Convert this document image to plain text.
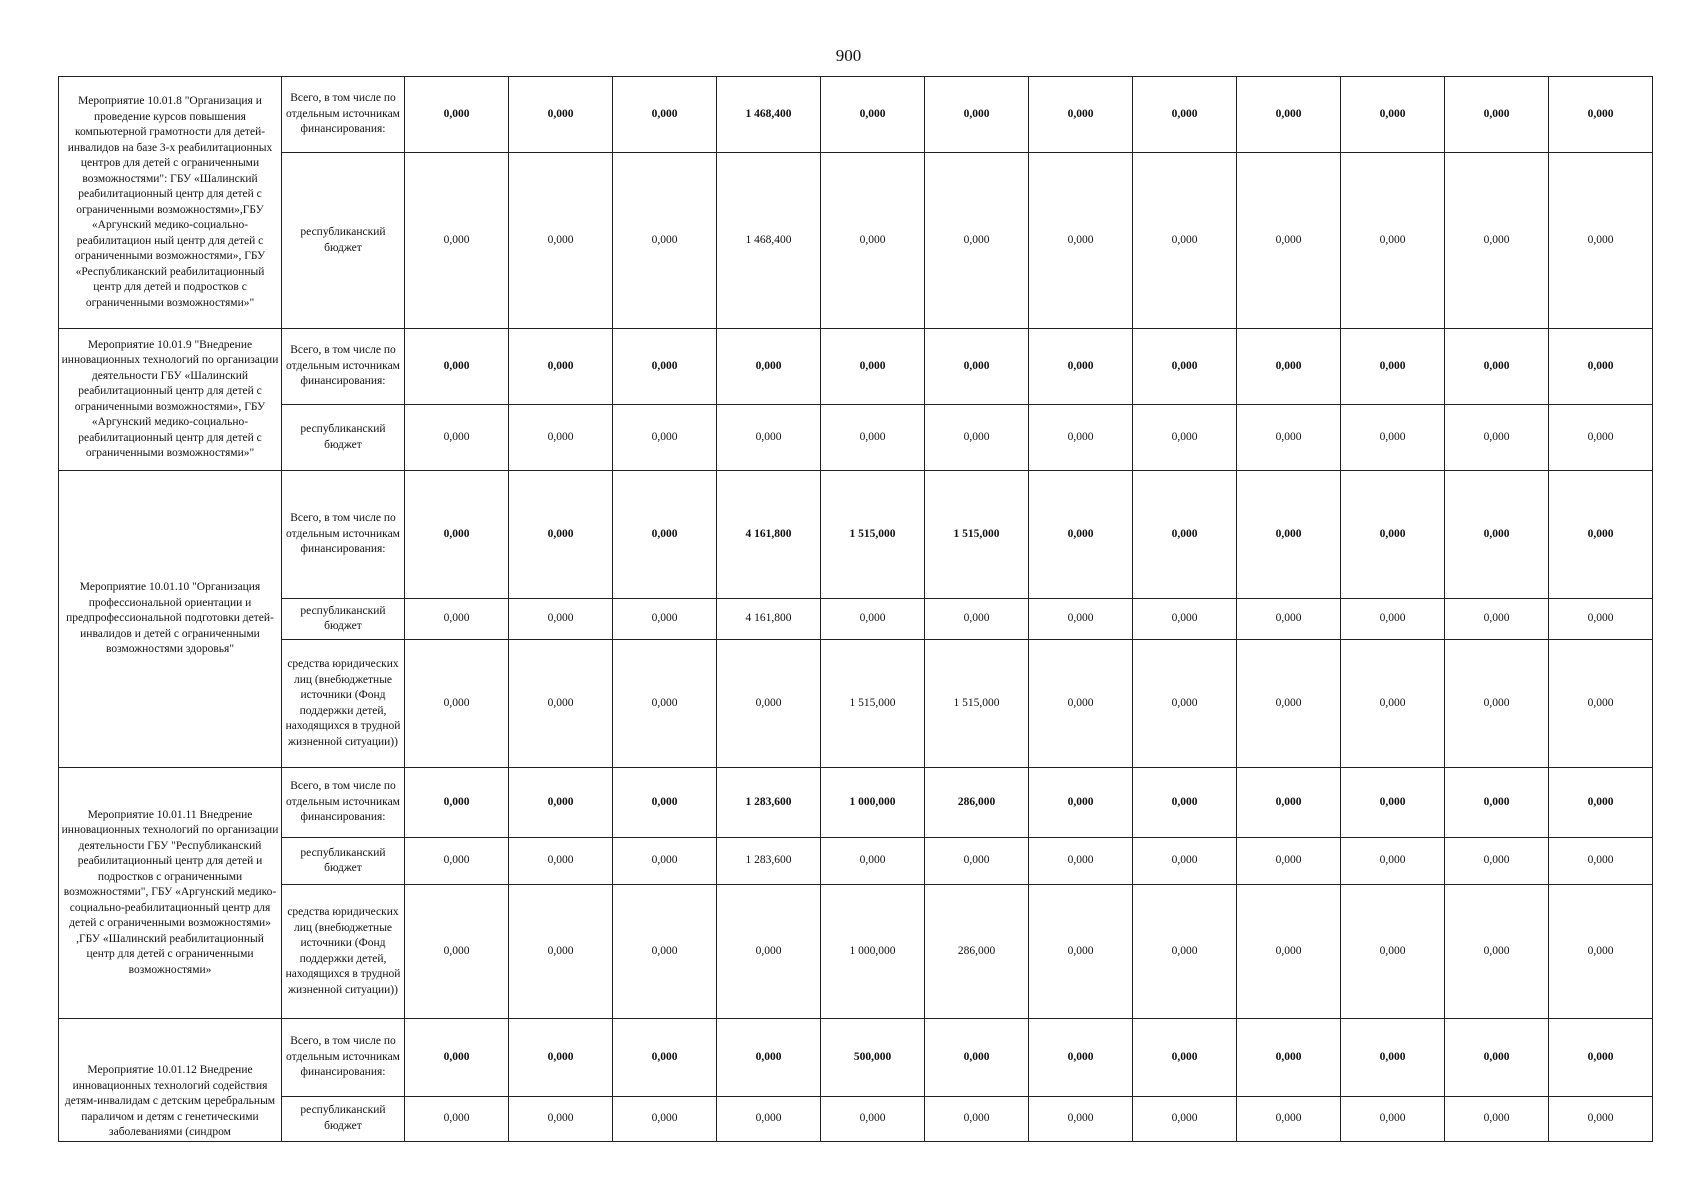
900
Мероприятие 10.01.8 "Организация и проведение курсов повышения компьютерной грамотности для детей-инвалидов на базе 3-х реабилитационных центров для детей с ограниченными возможностями": ГБУ «Шалинский реабилитационный центр для детей с ограниченными возможностями»,ГБУ «Аргунский медико-социально-реабилитацион ный центр для детей с ограниченными возможностями», ГБУ «Республиканский реабилитационный центр для детей и подростков с ограниченными возможностями»"	Всего, в том числе по отдельным источникам финансирования:	0,000	0,000	0,000	1 468,400	0,000	0,000	0,000	0,000	0,000	0,000	0,000	0,000
	республиканский бюджет	0,000	0,000	0,000	1 468,400	0,000	0,000	0,000	0,000	0,000	0,000	0,000	0,000
Мероприятие 10.01.9 "Внедрение инновационных технологий по организации деятельности ГБУ «Шалинский реабилитационный центр для детей с ограниченными возможностями», ГБУ «Аргунский медико-социально-реабилитационный центр для детей с ограниченными возможностями»"	Всего, в том числе по отдельным источникам финансирования:	0,000	0,000	0,000	0,000	0,000	0,000	0,000	0,000	0,000	0,000	0,000	0,000
	республиканский бюджет	0,000	0,000	0,000	0,000	0,000	0,000	0,000	0,000	0,000	0,000	0,000	0,000
Мероприятие 10.01.10 "Организация профессиональной ориентации и предпрофессиональной подготовки детей-инвалидов и детей с ограниченными возможностями здоровья"	Всего, в том числе по отдельным источникам финансирования:	0,000	0,000	0,000	4 161,800	1 515,000	1 515,000	0,000	0,000	0,000	0,000	0,000	0,000
	республиканский бюджет	0,000	0,000	0,000	4 161,800	0,000	0,000	0,000	0,000	0,000	0,000	0,000	0,000
	средства юридических лиц (внебюджетные источники (Фонд поддержки детей, находящихся в трудной жизненной ситуации))	0,000	0,000	0,000	0,000	1 515,000	1 515,000	0,000	0,000	0,000	0,000	0,000	0,000
Мероприятие 10.01.11 Внедрение инновационных технологий по организации деятельности ГБУ "Республиканский реабилитационный центр для детей и подростков с ограниченными возможностями", ГБУ «Аргунский медико-социально-реабилитационный центр для детей с ограниченными возможностями» ,ГБУ «Шалинский реабилитационный центр для детей с ограниченными возможностями»	Всего, в том числе по отдельным источникам финансирования:	0,000	0,000	0,000	1 283,600	1 000,000	286,000	0,000	0,000	0,000	0,000	0,000	0,000
	республиканский бюджет	0,000	0,000	0,000	1 283,600	0,000	0,000	0,000	0,000	0,000	0,000	0,000	0,000
	средства юридических лиц (внебюджетные источники (Фонд поддержки детей, находящихся в трудной жизненной ситуации))	0,000	0,000	0,000	0,000	1 000,000	286,000	0,000	0,000	0,000	0,000	0,000	0,000
Мероприятие 10.01.12 Внедрение инновационных технологий содействия детям-инвалидам с детским церебральным параличом и детям с генетическими заболеваниями (синдром	Всего, в том числе по отдельным источникам финансирования:	0,000	0,000	0,000	0,000	500,000	0,000	0,000	0,000	0,000	0,000	0,000	0,000
	республиканский бюджет	0,000	0,000	0,000	0,000	0,000	0,000	0,000	0,000	0,000	0,000	0,000	0,000
